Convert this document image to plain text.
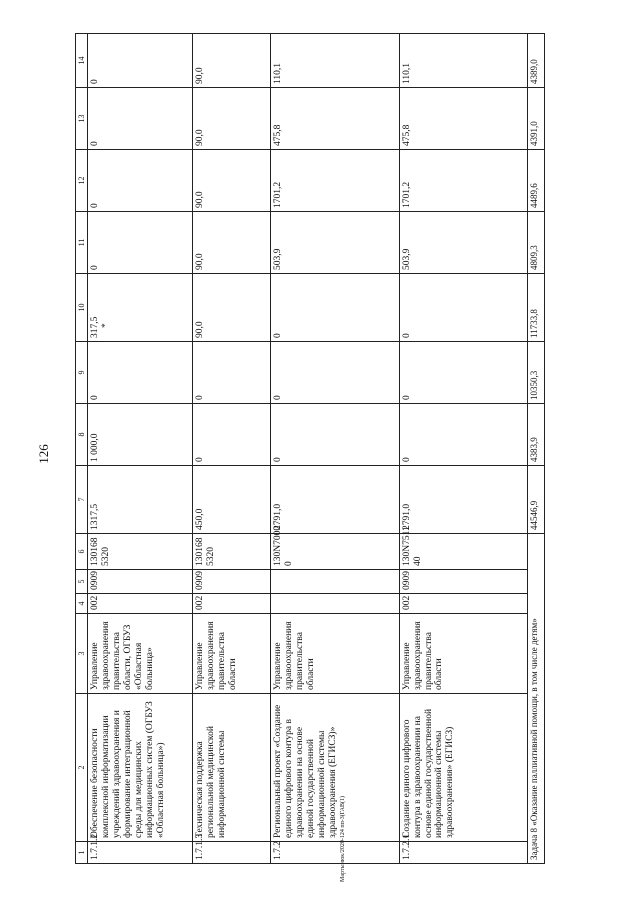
126
Мартынюк/2020-124 пп-3(ГАВ(1)
1	2	3	4	5	6	7	8	9	10	11	12	13	14
1.7.1.2	Обеспечение безопасности комплексной информатизации учреждений здравоохранения и формирование интеграционной среды для медицинских информационных систем (ОГБУЗ «Областная больница»)	Управление здравоохранения правительства области, ОГБУЗ «Областная больница»	002	0909	130168 5320	1317,5	1 000,0	0	317,5 *	0	0	0	0
1.7.1.3	Техническая поддержка региональной медицинской информационной системы	Управление здравоохранения правительства области	002	0909	130168 5320	450,0	0	0	90,0	90,0	90,0	90,0	90,0
1.7.2	Региональный проект «Создание единого цифрового контура в здравоохранении на основе единой государственной информационной системы здравоохранения (ЕГИСЗ)»	Управление здравоохранения правительства области			130N7000 0	2791,0	0	0	0	503,9	1701,2	475,8	110,1
1.7.2.1	Создание единого цифрового контура в здравоохранении на основе единой государственной информационной системы здравоохранения» (ЕГИСЗ)	Управление здравоохранения правительства области	002	0909	130N7511 40	2791,0	0	0	0	503,9	1701,2	475,8	110,1
Задача 8 «Оказание паллиативной помощи, в том числе детям»						44546,9	4383,9	10350,3	11733,8	4809,3	4489,6	4391,0	4389,0
